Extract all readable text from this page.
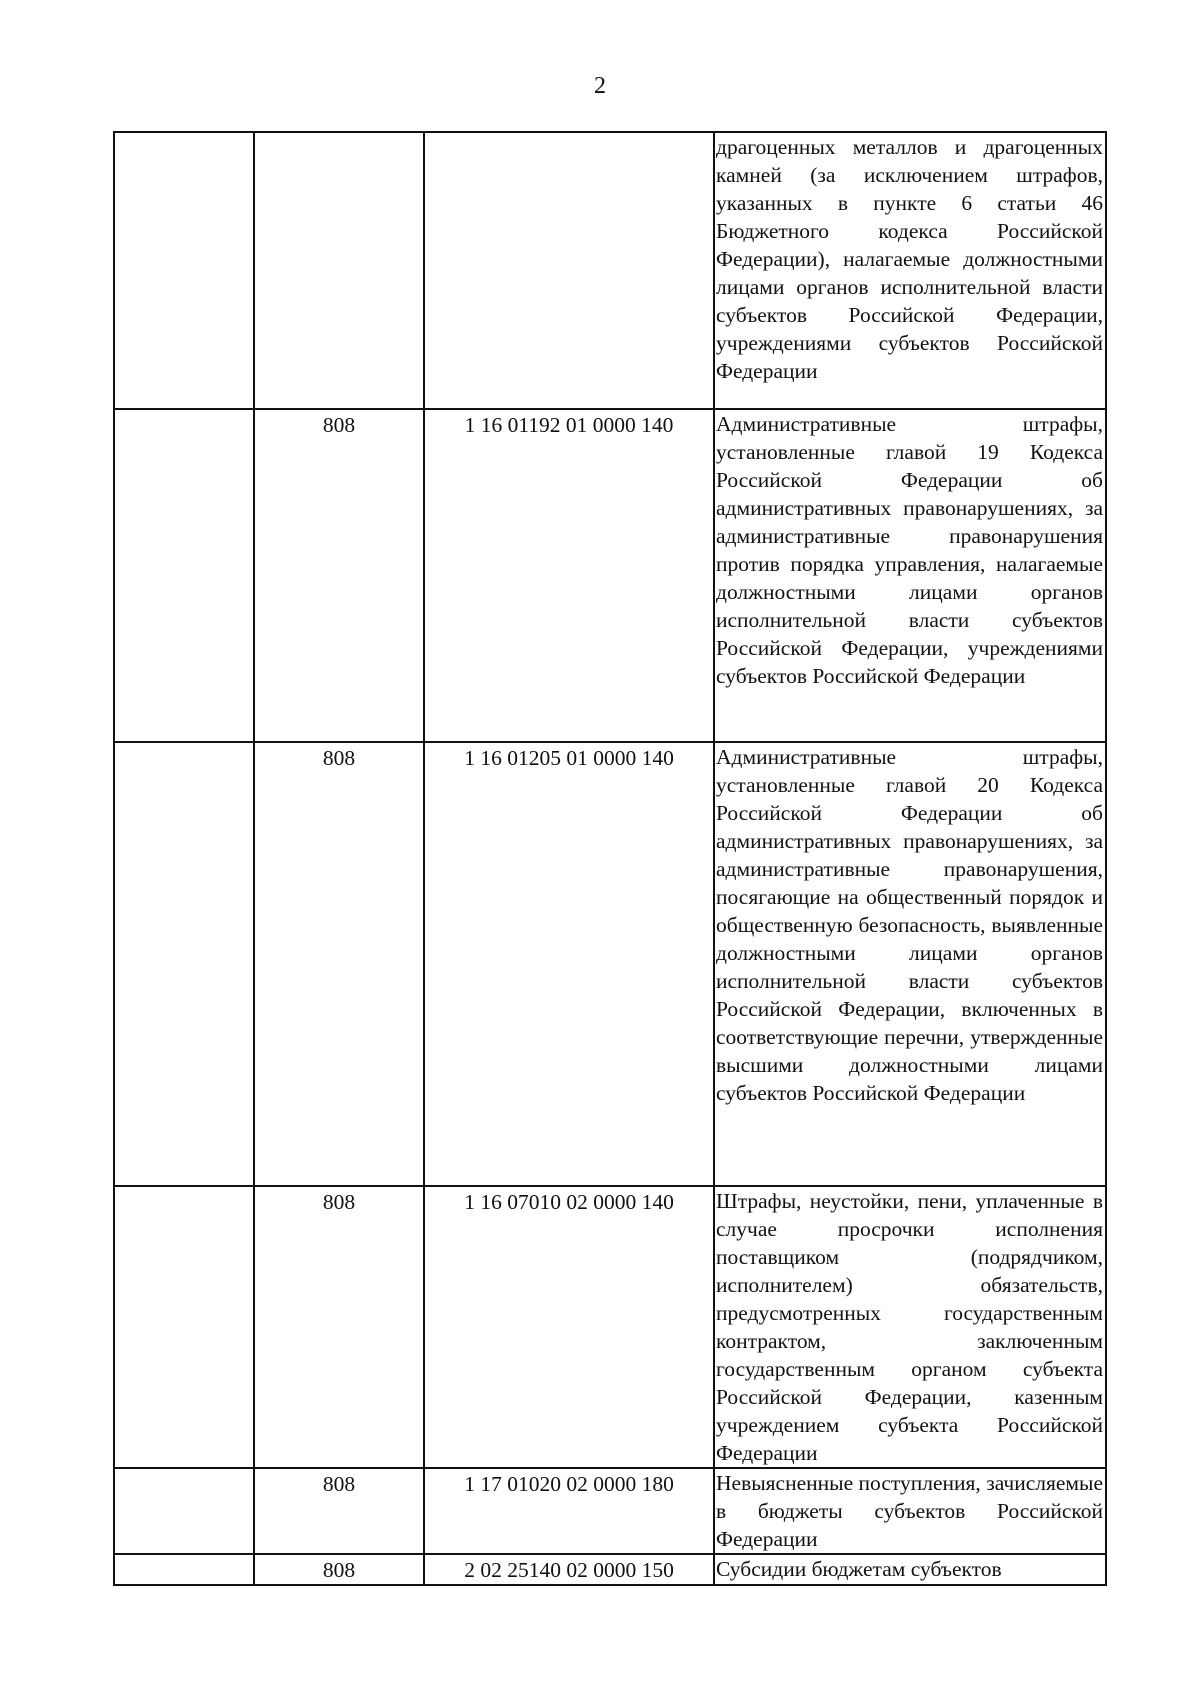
2
			драгоценных металлов и драгоценных камней (за исключением штрафов, указанных в пункте 6 статьи 46 Бюджетного кодекса Российской Федерации), налагаемые должностными лицами органов исполнительной власти субъектов Российской Федерации, учреждениями субъектов Российской Федерации
	808	1 16 01192 01 0000 140	Административные штрафы, установленные главой 19 Кодекса Российской Федерации об административных правонарушениях, за административные правонарушения против порядка управления, налагаемые должностными лицами органов исполнительной власти субъектов Российской Федерации, учреждениями субъектов Российской Федерации
	808	1 16 01205 01 0000 140	Административные штрафы, установленные главой 20 Кодекса Российской Федерации об административных правонарушениях, за административные правонарушения, посягающие на общественный порядок и общественную безопасность, выявленные должностными лицами органов исполнительной власти субъектов Российской Федерации, включенных в соответствующие перечни, утвержденные высшими должностными лицами субъектов Российской Федерации
	808	1 16 07010 02 0000 140	Штрафы, неустойки, пени, уплаченные в случае просрочки исполнения поставщиком (подрядчиком, исполнителем) обязательств, предусмотренных государственным контрактом, заключенным государственным органом субъекта Российской Федерации, казенным учреждением субъекта Российской Федерации
	808	1 17 01020 02 0000 180	Невыясненные поступления, зачисляемые в бюджеты субъектов Российской Федерации
	808	2 02 25140 02 0000 150	Субсидии бюджетам субъектов
